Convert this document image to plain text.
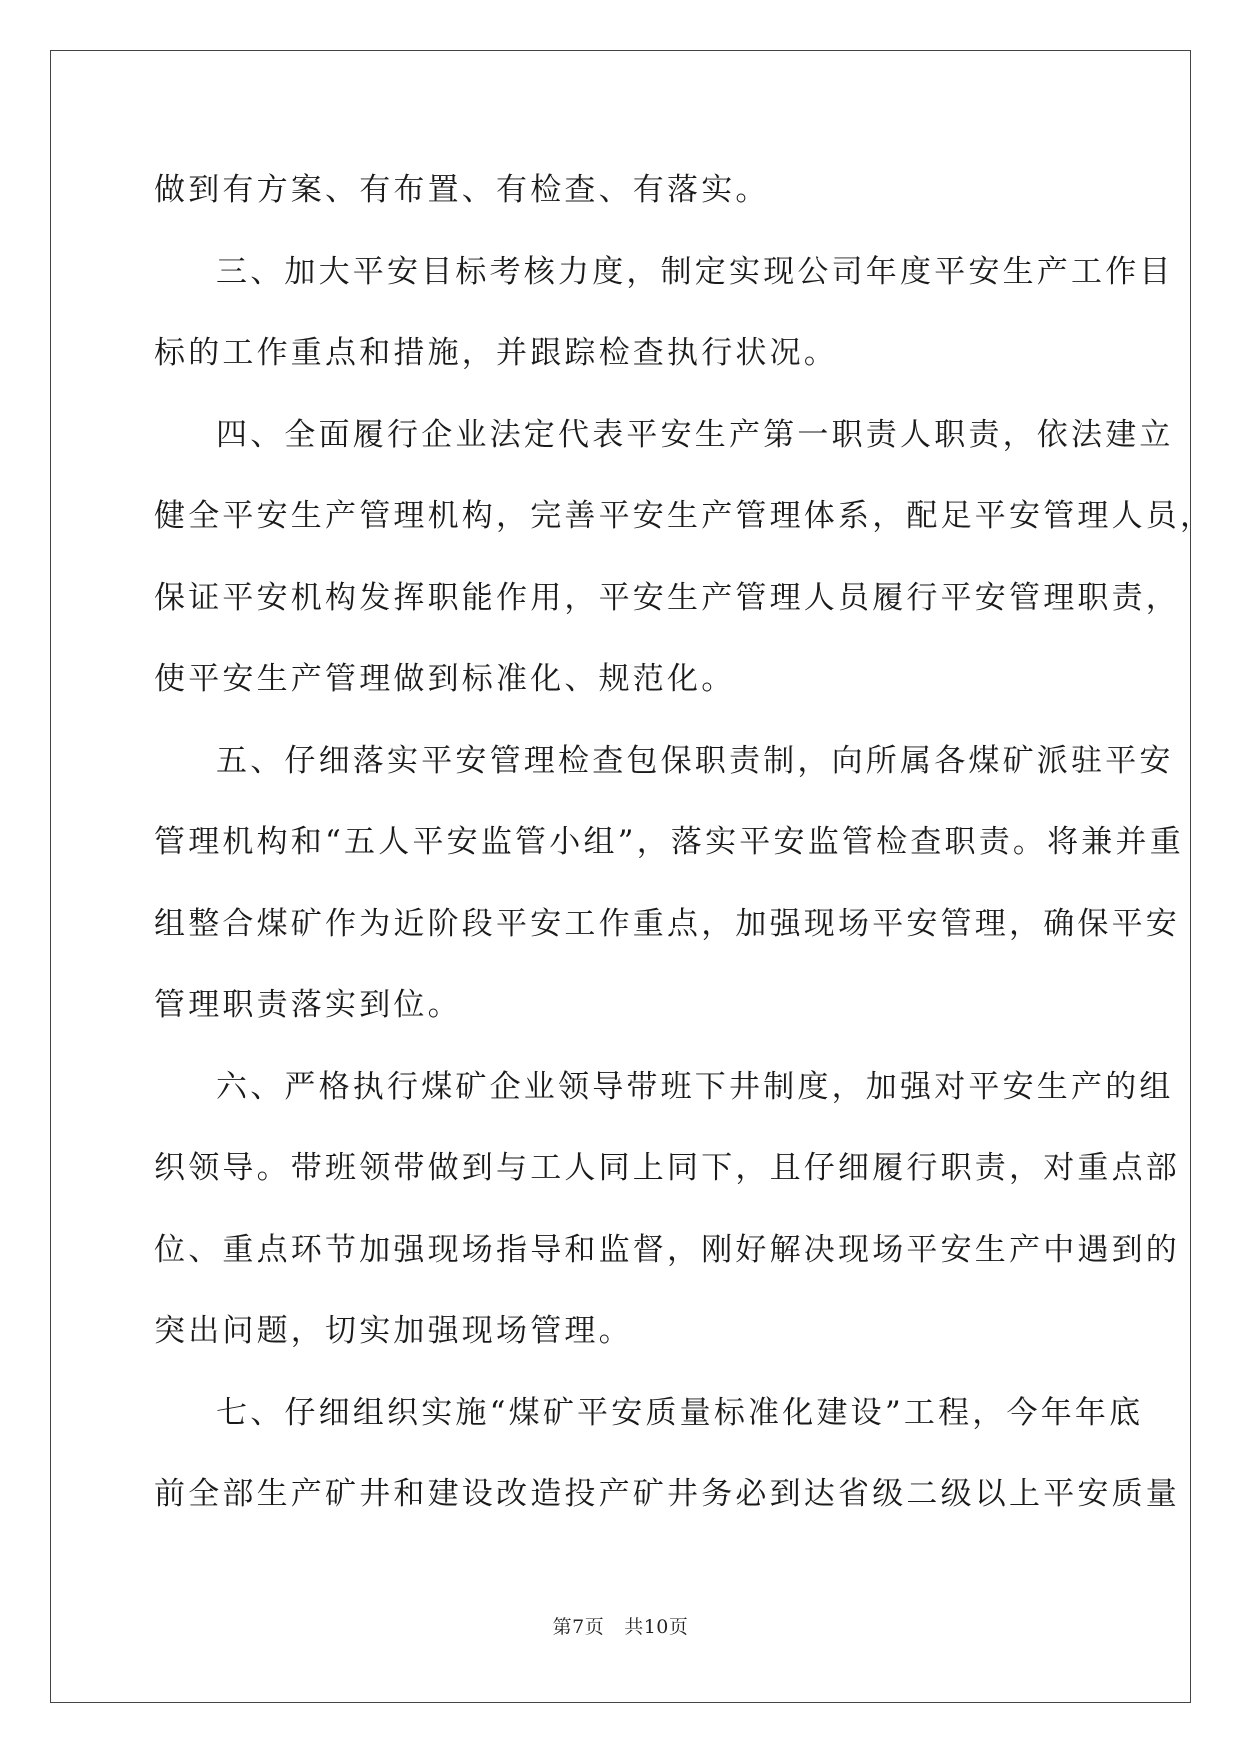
做到有方案、有布置、有检查、有落实。
三、加大平安目标考核力度，制定实现公司年度平安生产工作目
标的工作重点和措施，并跟踪检查执行状况。
四、全面履行企业法定代表平安生产第一职责人职责，依法建立
健全平安生产管理机构，完善平安生产管理体系，配足平安管理人员，
保证平安机构发挥职能作用，平安生产管理人员履行平安管理职责，
使平安生产管理做到标准化、规范化。
五、仔细落实平安管理检查包保职责制，向所属各煤矿派驻平安
管理机构和“五人平安监管小组”，落实平安监管检查职责。将兼并重
组整合煤矿作为近阶段平安工作重点，加强现场平安管理，确保平安
管理职责落实到位。
六、严格执行煤矿企业领导带班下井制度，加强对平安生产的组
织领导。带班领带做到与工人同上同下，且仔细履行职责，对重点部
位、重点环节加强现场指导和监督，刚好解决现场平安生产中遇到的
突出问题，切实加强现场管理。
七、仔细组织实施“煤矿平安质量标准化建设”工程，今年年底
前全部生产矿井和建设改造投产矿井务必到达省级二级以上平安质量
第7页 共10页
